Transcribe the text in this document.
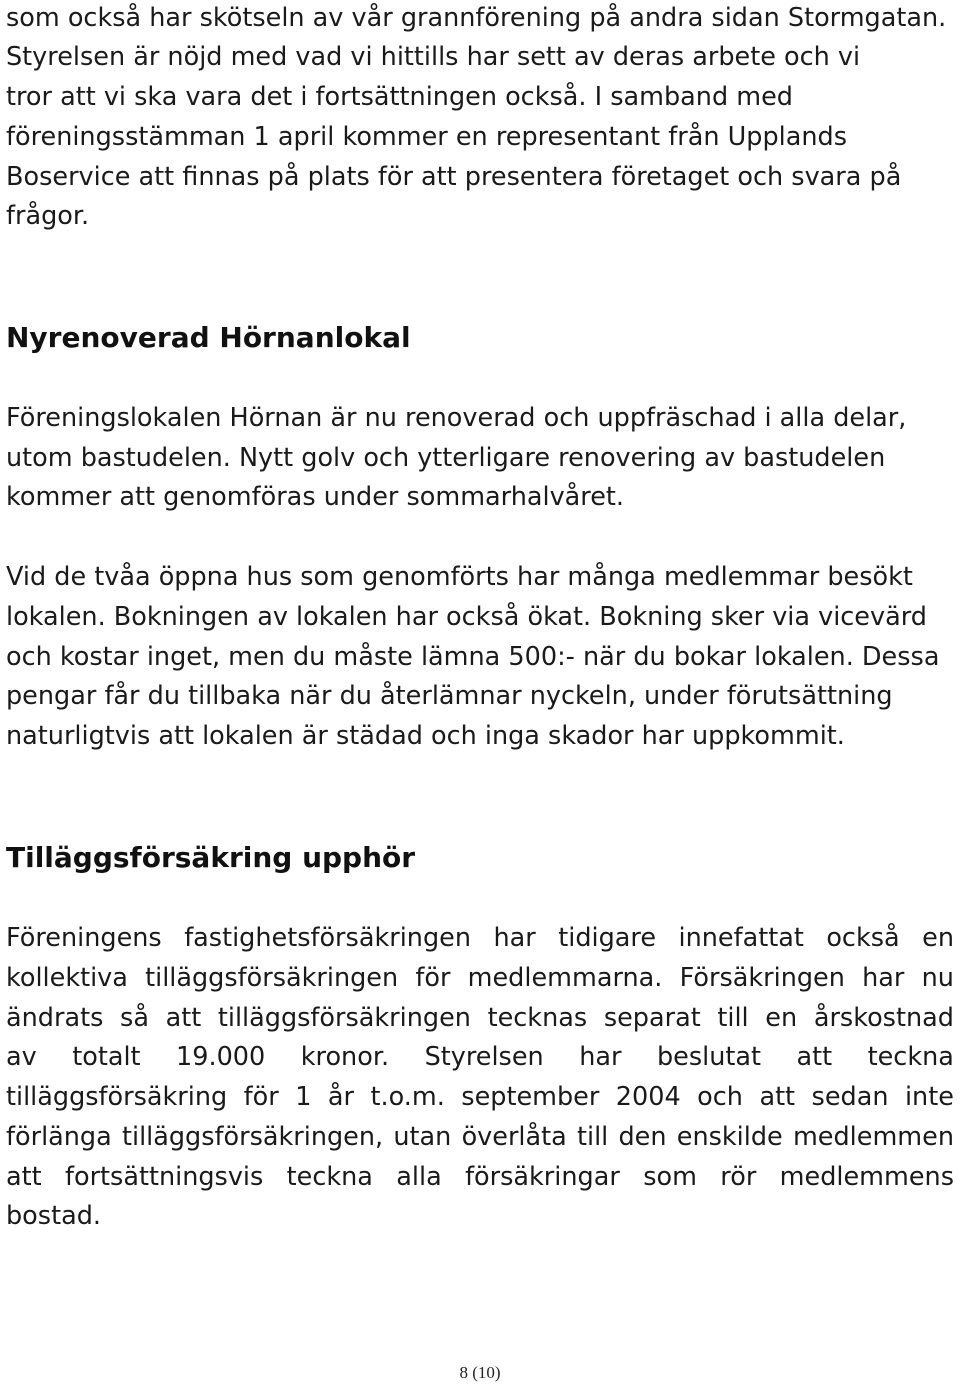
som också har skötseln av vår grannförening på andra sidan Stormgatan.
Styrelsen är nöjd med vad vi hittills har sett av deras arbete och vi
tror att vi ska vara det i fortsättningen också. I samband med
föreningsstämman 1 april kommer en representant från Upplands
Boservice att finnas på plats för att presentera företaget och svara på
frågor.
Nyrenoverad Hörnanlokal
Föreningslokalen Hörnan är nu renoverad och uppfräschad i alla delar,
utom bastudelen. Nytt golv och ytterligare renovering av bastudelen
kommer att genomföras under sommarhalvåret.
Vid de tvåa öppna hus som genomförts har många medlemmar besökt
lokalen. Bokningen av lokalen har också ökat. Bokning sker via vicevärd
och kostar inget, men du måste lämna 500:- när du bokar lokalen. Dessa
pengar får du tillbaka när du återlämnar nyckeln, under förutsättning
naturligtvis att lokalen är städad och inga skador har uppkommit.
Tilläggsförsäkring upphör
Föreningens fastighetsförsäkringen har tidigare innefattat också en
kollektiva tilläggsförsäkringen för medlemmarna. Försäkringen har nu
ändrats så att tilläggsförsäkringen tecknas separat till en årskostnad
av totalt 19.000 kronor. Styrelsen har beslutat att teckna
tilläggsförsäkring för 1 år t.o.m. september 2004 och att sedan inte
förlänga tilläggsförsäkringen, utan överlåta till den enskilde medlemmen
att fortsättningsvis teckna alla försäkringar som rör medlemmens
bostad.
8 (10)
